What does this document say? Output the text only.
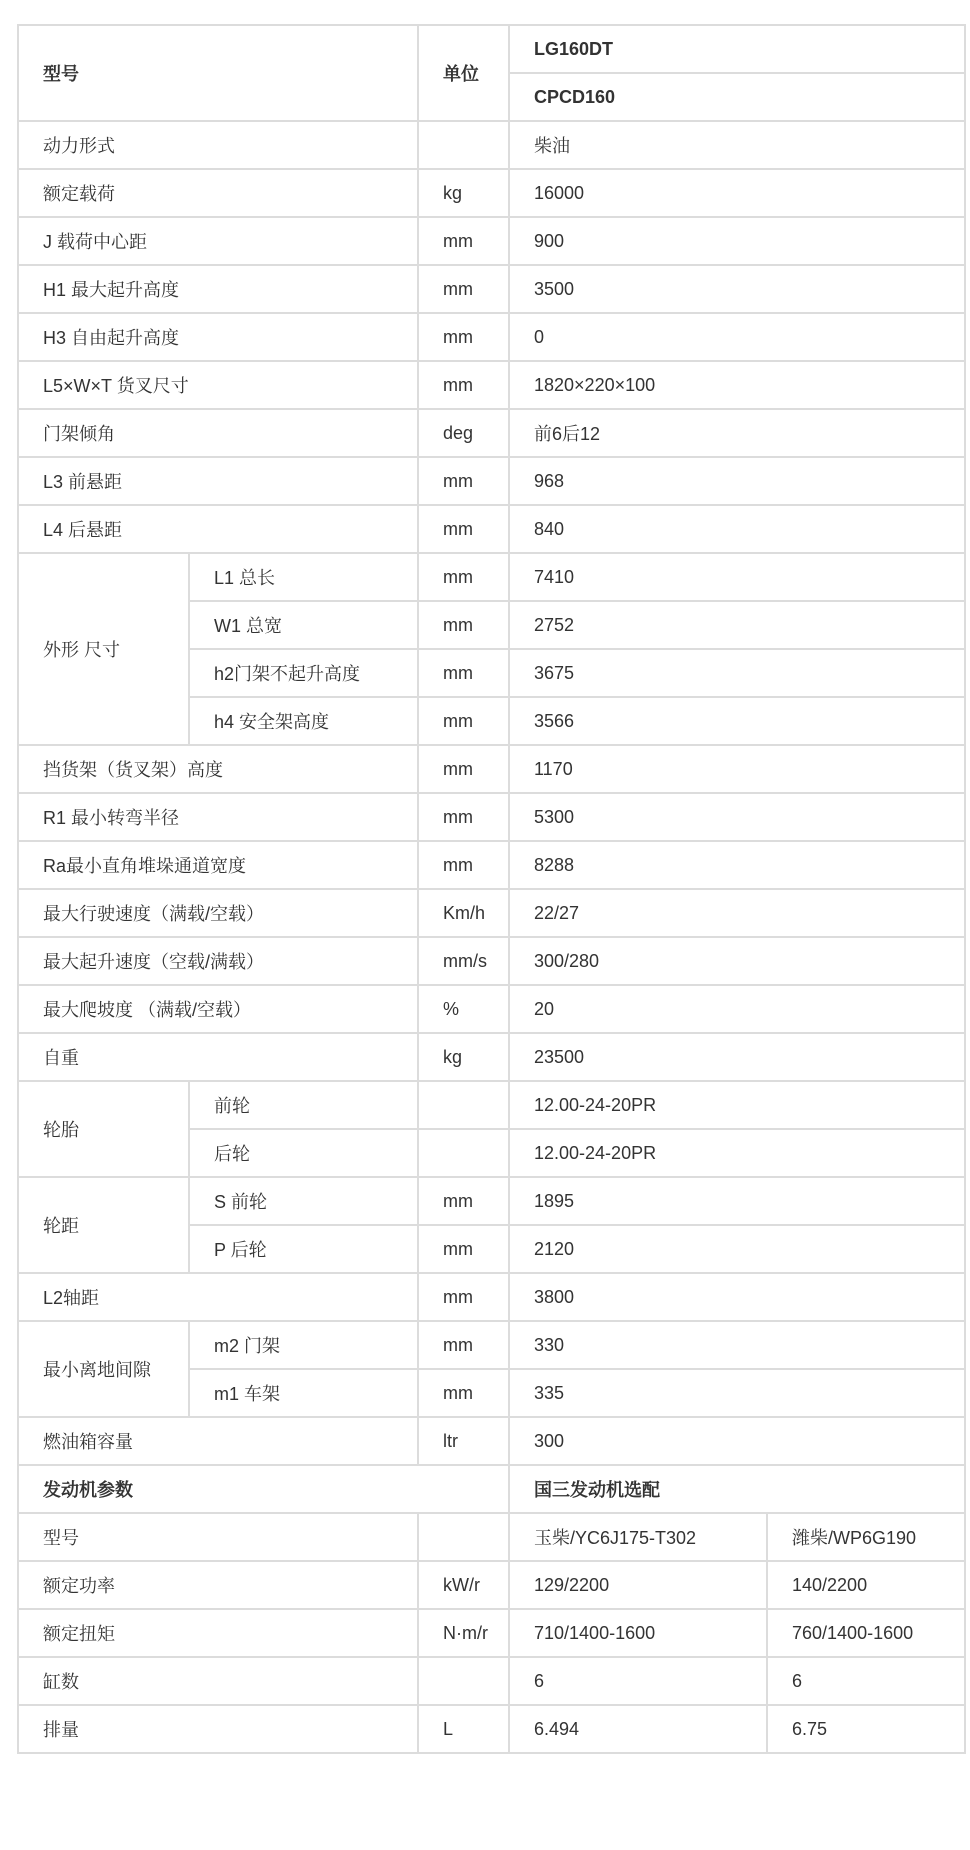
型号		单位	LG160DT	
			CPCD160	
动力形式			柴油	
额定载荷		kg	16000	
J 载荷中心距		mm	900	
H1 最大起升高度		mm	3500	
H3 自由起升高度		mm	0	
L5×W×T 货叉尺寸		mm	1820×220×100	
门架倾角		deg	前6后12	
L3 前悬距		mm	968	
L4 后悬距		mm	840	
外形 尺寸	L1 总长	mm	7410	
	W1 总宽	mm	2752	
	h2门架不起升高度	mm	3675	
	h4 安全架高度	mm	3566	
挡货架（货叉架）高度		mm	1170	
R1 最小转弯半径		mm	5300	
Ra最小直角堆垛通道宽度		mm	8288	
最大行驶速度（满载/空载）		Km/h	22/27	
最大起升速度（空载/满载）		mm/s	300/280	
最大爬坡度 （满载/空载）		%	20	
自重		kg	23500	
轮胎	前轮		12.00-24-20PR	
	后轮		12.00-24-20PR	
轮距	S 前轮	mm	1895	
	P 后轮	mm	2120	
L2轴距		mm	3800	
最小离地间隙	m2 门架	mm	330	
	m1 车架	mm	335	
燃油箱容量		ltr	300	
发动机参数			国三发动机选配	
型号			玉柴/YC6J175-T302	潍柴/WP6G190
额定功率		kW/r	129/2200	140/2200
额定扭矩		N·m/r	710/1400-1600	760/1400-1600
缸数			6	6
排量		L	6.494	6.75
